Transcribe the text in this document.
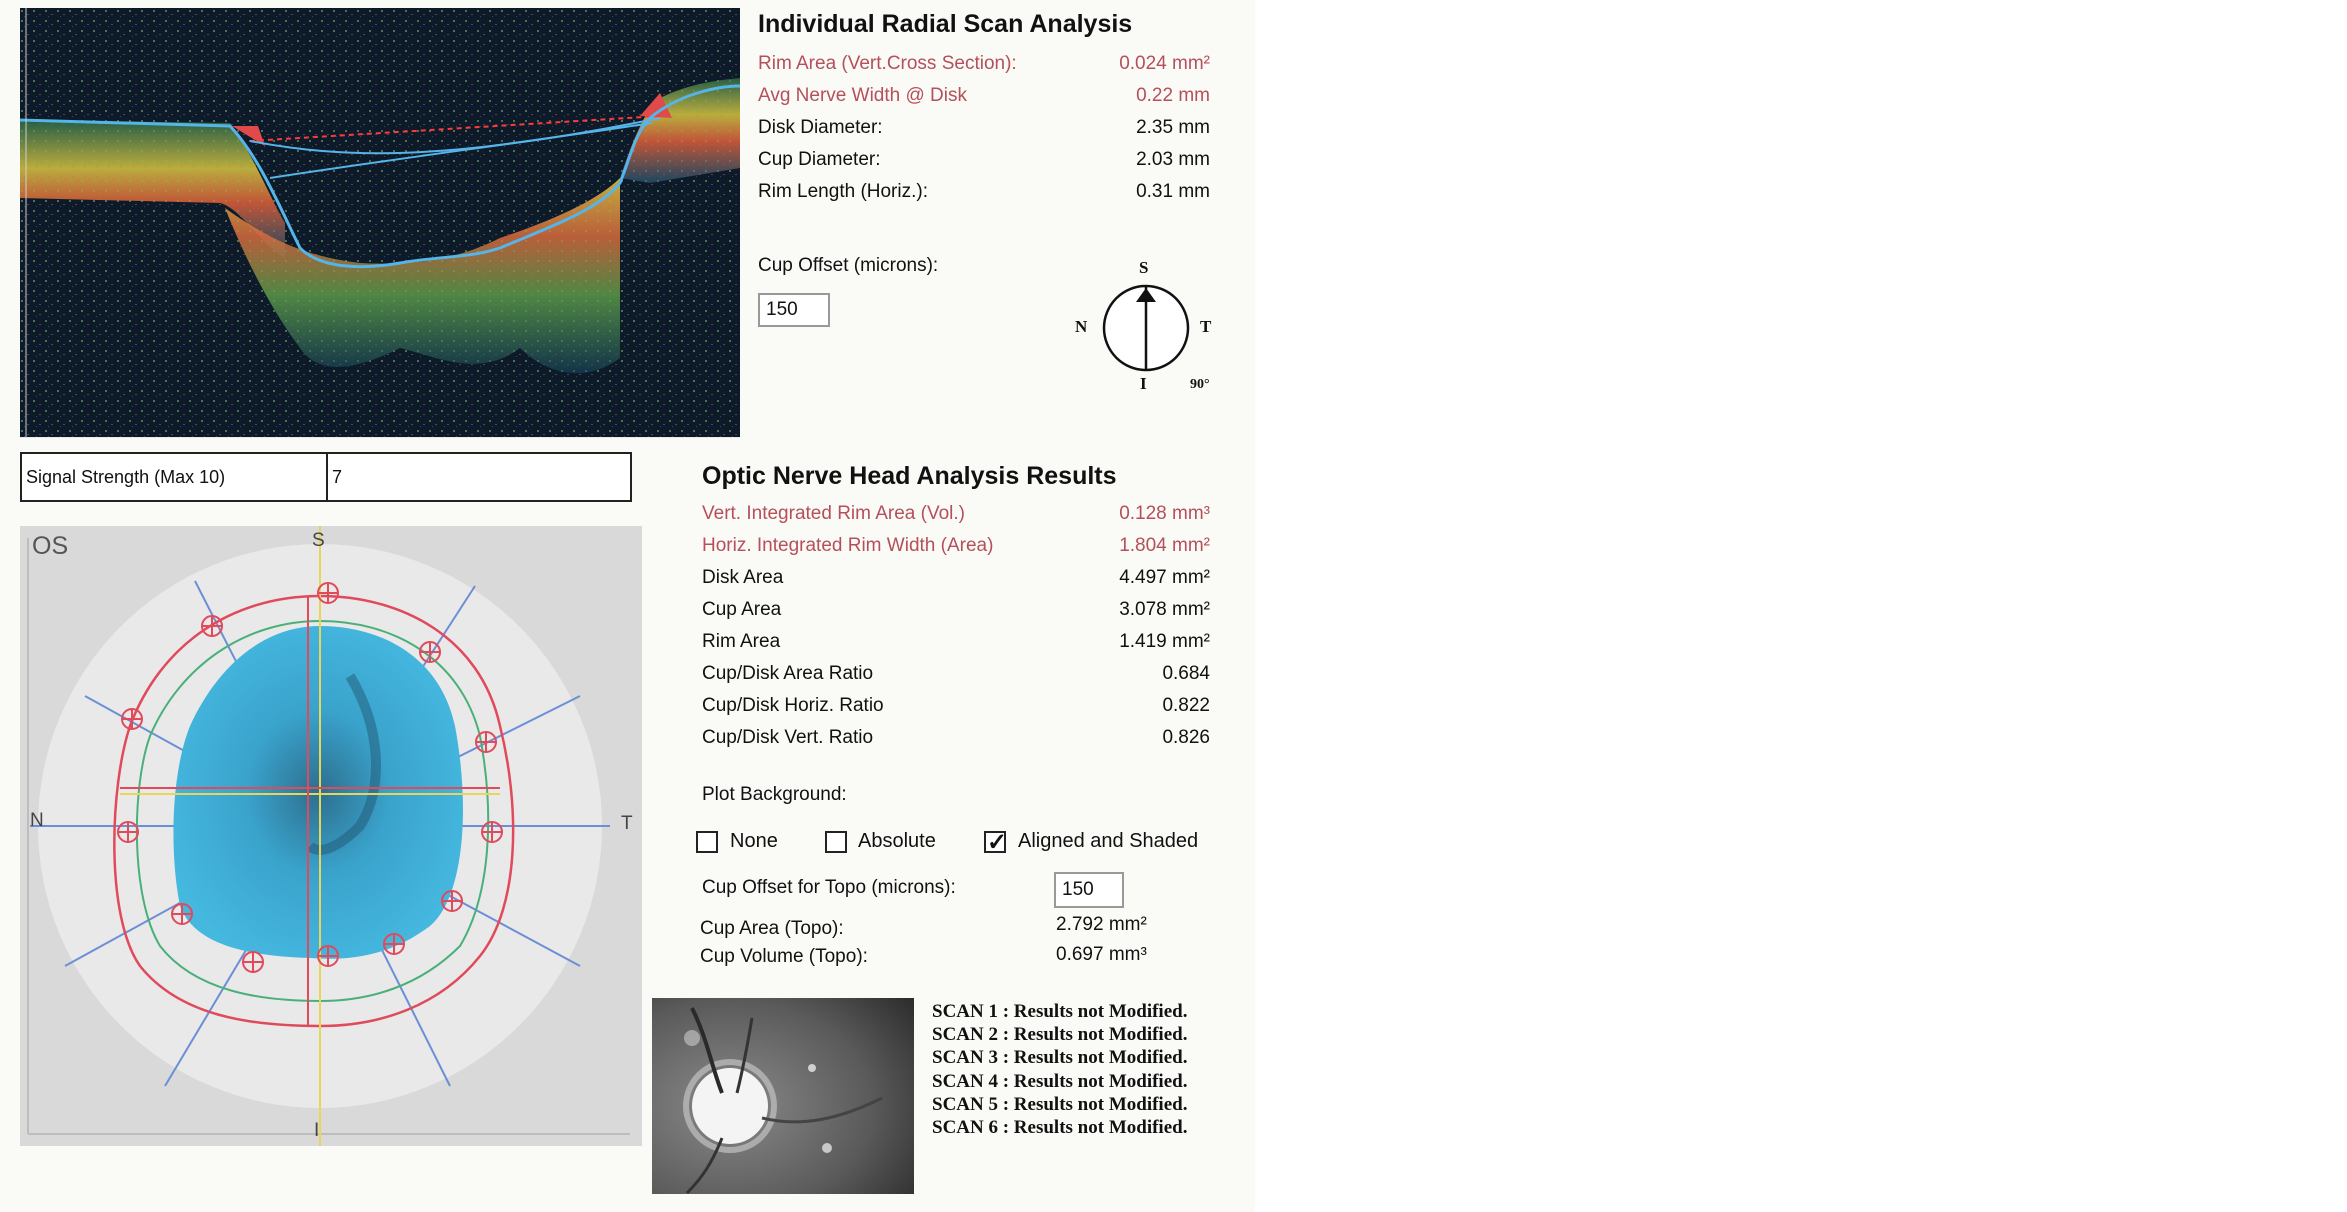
Individual Radial Scan Analysis
Rim Area (Vert.Cross Section):	0.024 mm²
Avg Nerve Width @ Disk	0.22 mm
Disk Diameter:	2.35 mm
Cup Diameter:	2.03 mm
Rim Length (Horiz.):	0.31 mm
Cup Offset (microns):
150
S
N	T
I	90°
Signal Strength (Max 10)	7
OS	S
N	T
I
Optic Nerve Head Analysis Results
Vert. Integrated Rim Area (Vol.)	0.128 mm³
Horiz. Integrated Rim Width (Area)	1.804 mm²
Disk Area	4.497 mm²
Cup Area	3.078 mm²
Rim Area	1.419 mm²
Cup/Disk Area Ratio	0.684
Cup/Disk Horiz. Ratio	0.822
Cup/Disk Vert. Ratio	0.826
Plot Background:
None	Absolute
✓	Aligned and Shaded
Cup Offset for Topo (microns):	150
Cup Area (Topo):	2.792 mm²
Cup Volume (Topo):	0.697 mm³
SCAN 1 : Results not Modified.
SCAN 2 : Results not Modified.
SCAN 3 : Results not Modified.
SCAN 4 : Results not Modified.
SCAN 5 : Results not Modified.
SCAN 6 : Results not Modified.
